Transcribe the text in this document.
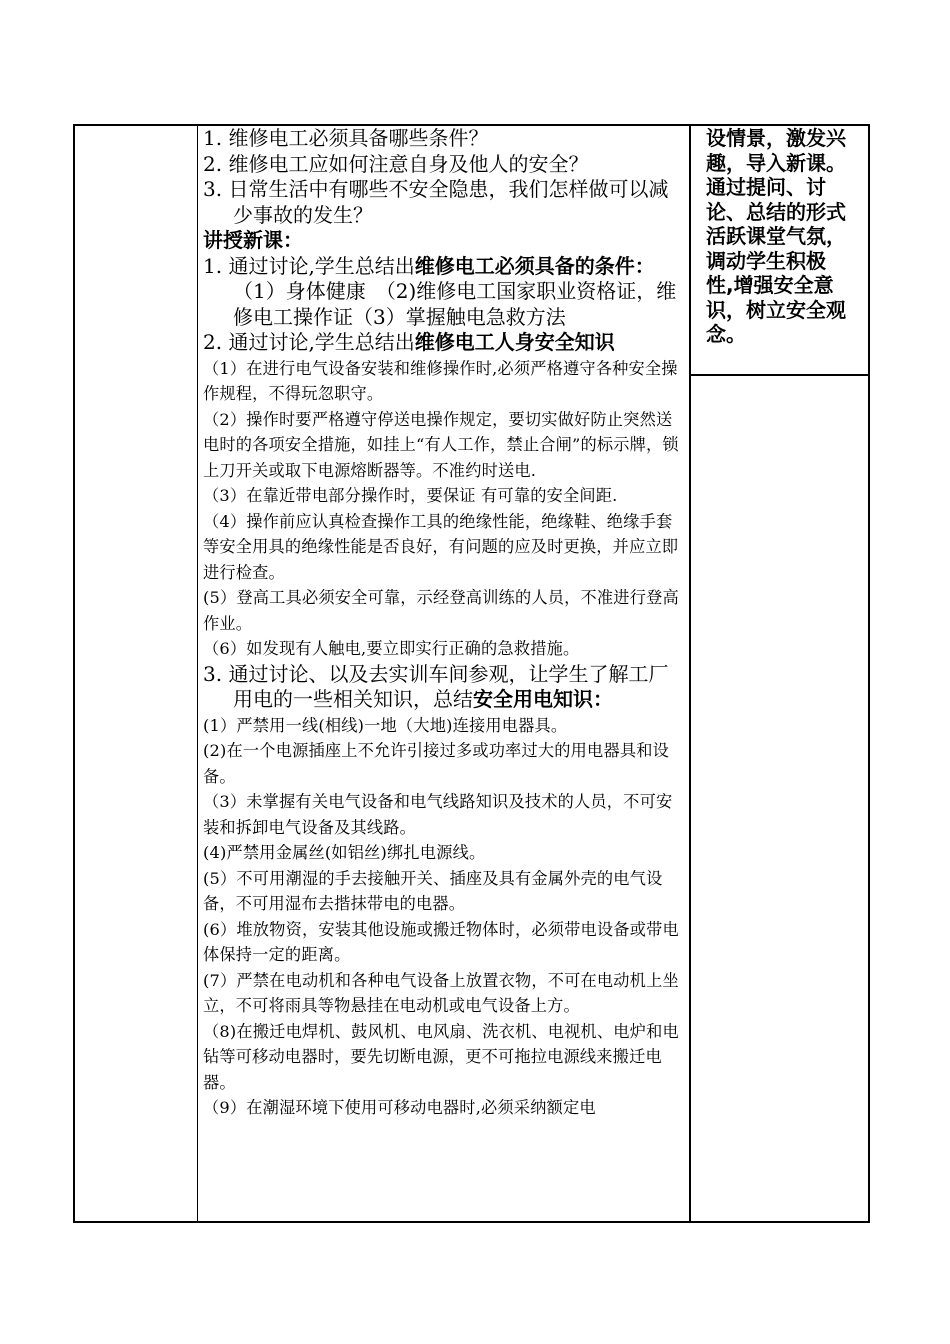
1. 维修电工必须具备哪些条件？

2. 维修电工应如何注意自身及他人的安全？

3. 日常生活中有哪些不安全隐患，我们怎样做可以减少事故的发生？

讲授新课：

1. 通过讨论,学生总结出维修电工必须具备的条件：（1）身体健康　（2)维修电工国家职业资格证，维修电工操作证（3）掌握触电急救方法

2. 通过讨论,学生总结出维修电工人身安全知识

（1）在进行电气设备安装和维修操作时,必须严格遵守各种安全操作规程，不得玩忽职守。

（2）操作时要严格遵守停送电操作规定，要切实做好防止突然送电时的各项安全措施，如挂上“有人工作，禁止合闸”的标示牌，锁上刀开关或取下电源熔断器等。不准约时送电.

（3）在靠近带电部分操作时，要保证 有可靠的安全间距.

（4）操作前应认真检查操作工具的绝缘性能，绝缘鞋、绝缘手套等安全用具的绝缘性能是否良好，有问题的应及时更换，并应立即进行检查。

(5）登高工具必须安全可靠，示经登高训练的人员，不准进行登高作业。

（6）如发现有人触电,要立即实行正确的急救措施。

3. 通过讨论、以及去实训车间参观，让学生了解工厂用电的一些相关知识，总结安全用电知识：

(1）严禁用一线(相线)一地（大地)连接用电器具。

(2)在一个电源插座上不允许引接过多或功率过大的用电器具和设备。

（3）未掌握有关电气设备和电气线路知识及技术的人员，不可安装和拆卸电气设备及其线路。

(4)严禁用金属丝(如铝丝)绑扎电源线。

(5）不可用潮湿的手去接触开关、插座及具有金属外壳的电气设备，不可用湿布去揩抹带电的电器。

(6）堆放物资，安装其他设施或搬迁物体时，必须带电设备或带电体保持一定的距离。

(7）严禁在电动机和各种电气设备上放置衣物，不可在电动机上坐立，不可将雨具等物悬挂在电动机或电气设备上方。

（8)在搬迁电焊机、鼓风机、电风扇、洗衣机、电视机、电炉和电钻等可移动电器时，要先切断电源，更不可拖拉电源线来搬迁电器。

（9）在潮湿环境下使用可移动电器时,必须采纳额定电

设情景，激发兴趣，导入新课。

通过提问、讨论、总结的形式活跃课堂气氛，调动学生积极性,增强安全意识，树立安全观念。
